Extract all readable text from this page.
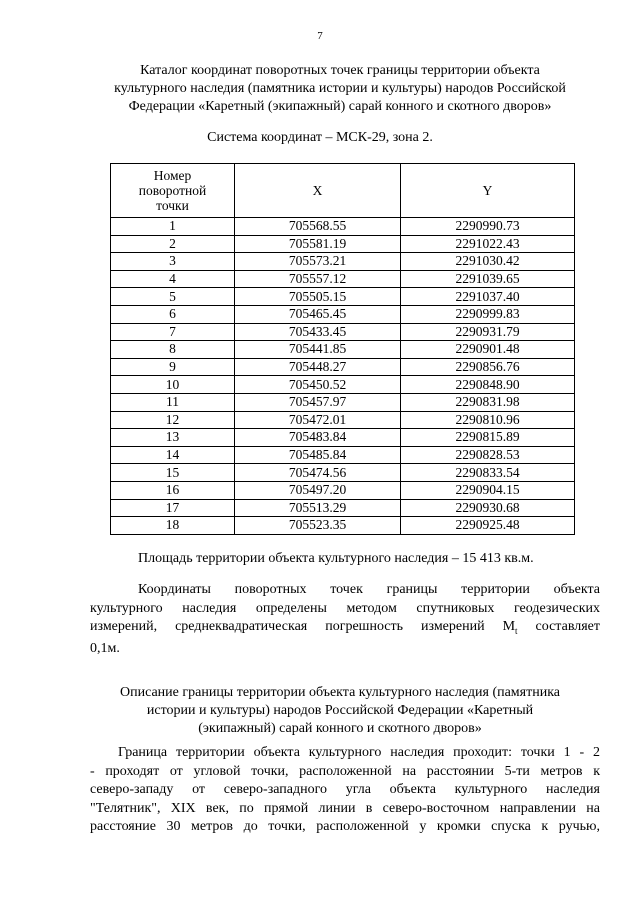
7
Каталог координат поворотных точек границы территории объекта
культурного наследия (памятника истории и культуры) народов Российской
Федерации «Каретный (экипажный) сарай конного и скотного дворов»
Система координат – МСК-29, зона 2.
Номер поворотной точки	X	Y
1	705568.55	2290990.73
2	705581.19	2291022.43
3	705573.21	2291030.42
4	705557.12	2291039.65
5	705505.15	2291037.40
6	705465.45	2290999.83
7	705433.45	2290931.79
8	705441.85	2290901.48
9	705448.27	2290856.76
10	705450.52	2290848.90
11	705457.97	2290831.98
12	705472.01	2290810.96
13	705483.84	2290815.89
14	705485.84	2290828.53
15	705474.56	2290833.54
16	705497.20	2290904.15
17	705513.29	2290930.68
18	705523.35	2290925.48
Площадь территории объекта культурного наследия – 15 413 кв.м.
Координаты поворотных точек границы территории объекта
культурного наследия определены методом спутниковых геодезических
измерений, среднеквадратическая погрешность измерений $M_t$ составляет
0,1м.
Описание границы территории объекта культурного наследия (памятника
истории и культуры) народов Российской Федерации «Каретный
(экипажный) сарай конного и скотного дворов»
Граница территории объекта культурного наследия проходит: точки 1 - 2
- проходят от угловой точки, расположенной на расстоянии 5-ти метров к
северо-западу от северо-западного угла объекта культурного наследия
"Телятник", XIX век, по прямой линии в северо-восточном направлении на
расстояние 30 метров до точки, расположенной у кромки спуска к ручью,
